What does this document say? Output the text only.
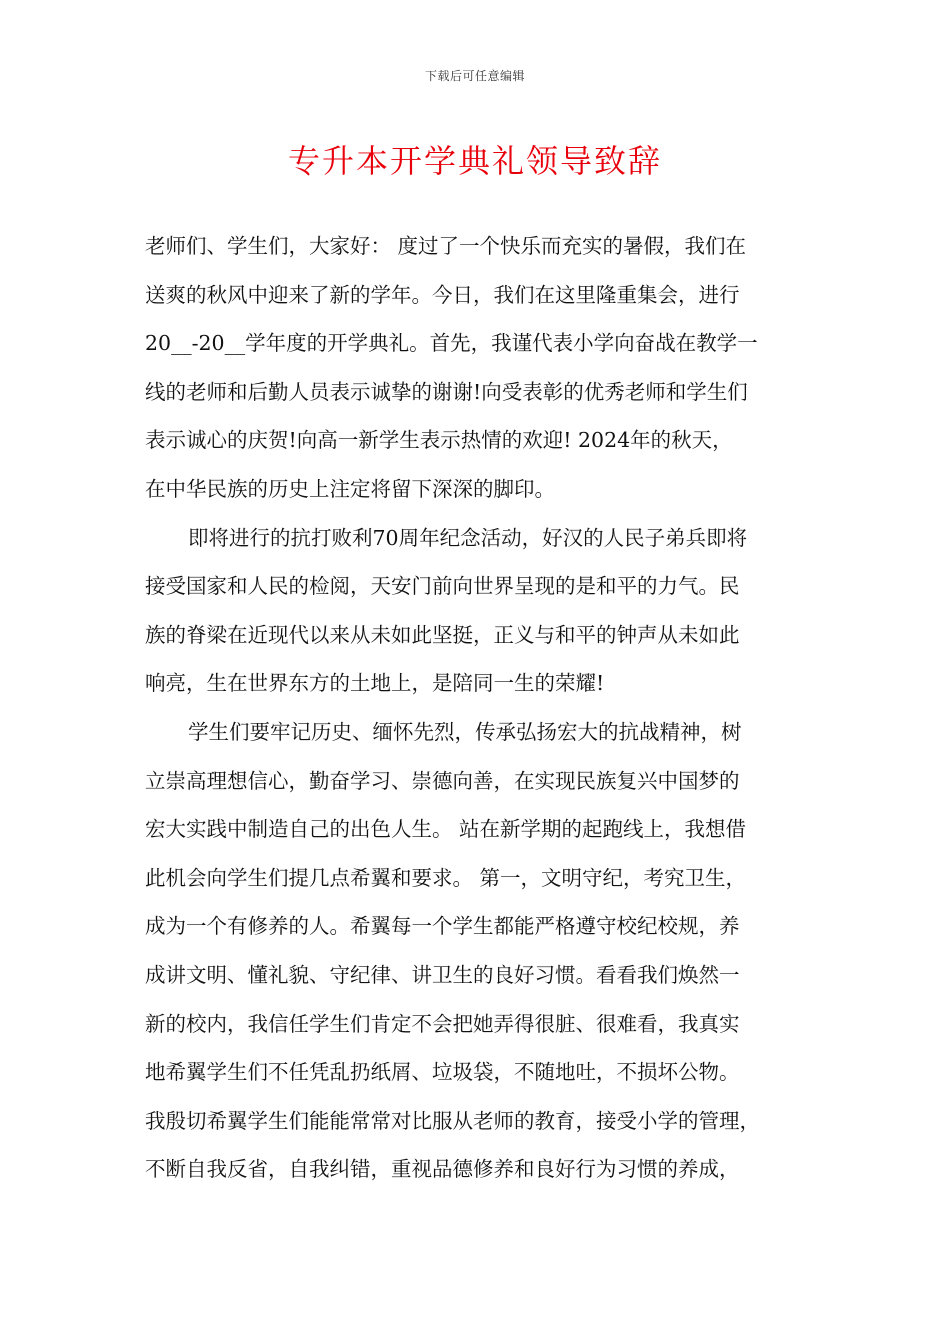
下载后可任意编辑
专升本开学典礼领导致辞
老师们、学生们，大家好： 度过了一个快乐而充实的暑假，我们在
送爽的秋风中迎来了新的学年。今日，我们在这里隆重集会，进行
20__-20__学年度的开学典礼。首先，我谨代表小学向奋战在教学一
线的老师和后勤人员表示诚挚的谢谢!向受表彰的优秀老师和学生们
表示诚心的庆贺!向高一新学生表示热情的欢迎! 2024年的秋天，
在中华民族的历史上注定将留下深深的脚印。
即将进行的抗打败利70周年纪念活动，好汉的人民子弟兵即将
接受国家和人民的检阅，天安门前向世界呈现的是和平的力气。民
族的脊梁在近现代以来从未如此坚挺，正义与和平的钟声从未如此
响亮，生在世界东方的土地上，是陪同一生的荣耀!
学生们要牢记历史、缅怀先烈，传承弘扬宏大的抗战精神，树
立崇高理想信心，勤奋学习、崇德向善，在实现民族复兴中国梦的
宏大实践中制造自己的出色人生。 站在新学期的起跑线上，我想借
此机会向学生们提几点希翼和要求。 第一，文明守纪，考究卫生，
成为一个有修养的人。希翼每一个学生都能严格遵守校纪校规，养
成讲文明、懂礼貌、守纪律、讲卫生的良好习惯。看看我们焕然一
新的校内，我信任学生们肯定不会把她弄得很脏、很难看，我真实
地希翼学生们不任凭乱扔纸屑、垃圾袋，不随地吐，不损坏公物。
我殷切希翼学生们能能常常对比服从老师的教育，接受小学的管理，
不断自我反省，自我纠错，重视品德修养和良好行为习惯的养成，
